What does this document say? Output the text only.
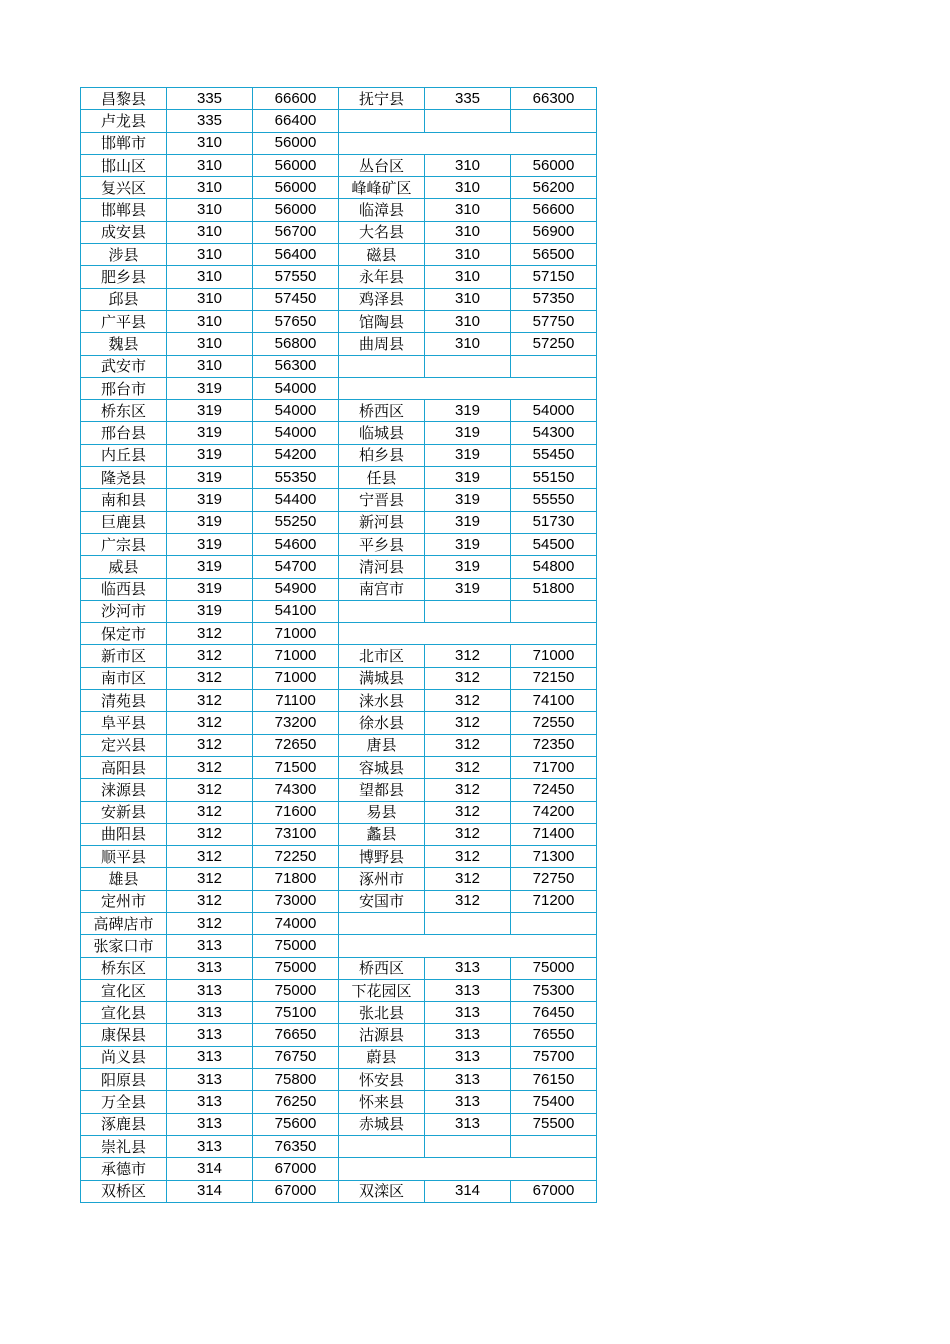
昌黎县	335	66600	抚宁县	335	66300
卢龙县	335	66400			
邯郸市	310	56000			
邯山区	310	56000	丛台区	310	56000
复兴区	310	56000	峰峰矿区	310	56200
邯郸县	310	56000	临漳县	310	56600
成安县	310	56700	大名县	310	56900
涉县	310	56400	磁县	310	56500
肥乡县	310	57550	永年县	310	57150
邱县	310	57450	鸡泽县	310	57350
广平县	310	57650	馆陶县	310	57750
魏县	310	56800	曲周县	310	57250
武安市	310	56300			
邢台市	319	54000			
桥东区	319	54000	桥西区	319	54000
邢台县	319	54000	临城县	319	54300
内丘县	319	54200	柏乡县	319	55450
隆尧县	319	55350	任县	319	55150
南和县	319	54400	宁晋县	319	55550
巨鹿县	319	55250	新河县	319	51730
广宗县	319	54600	平乡县	319	54500
威县	319	54700	清河县	319	54800
临西县	319	54900	南宫市	319	51800
沙河市	319	54100			
保定市	312	71000			
新市区	312	71000	北市区	312	71000
南市区	312	71000	满城县	312	72150
清苑县	312	71100	涞水县	312	74100
阜平县	312	73200	徐水县	312	72550
定兴县	312	72650	唐县	312	72350
高阳县	312	71500	容城县	312	71700
涞源县	312	74300	望都县	312	72450
安新县	312	71600	易县	312	74200
曲阳县	312	73100	蠡县	312	71400
顺平县	312	72250	博野县	312	71300
雄县	312	71800	涿州市	312	72750
定州市	312	73000	安国市	312	71200
高碑店市	312	74000			
张家口市	313	75000			
桥东区	313	75000	桥西区	313	75000
宣化区	313	75000	下花园区	313	75300
宣化县	313	75100	张北县	313	76450
康保县	313	76650	沽源县	313	76550
尚义县	313	76750	蔚县	313	75700
阳原县	313	75800	怀安县	313	76150
万全县	313	76250	怀来县	313	75400
涿鹿县	313	75600	赤城县	313	75500
崇礼县	313	76350			
承德市	314	67000			
双桥区	314	67000	双滦区	314	67000
